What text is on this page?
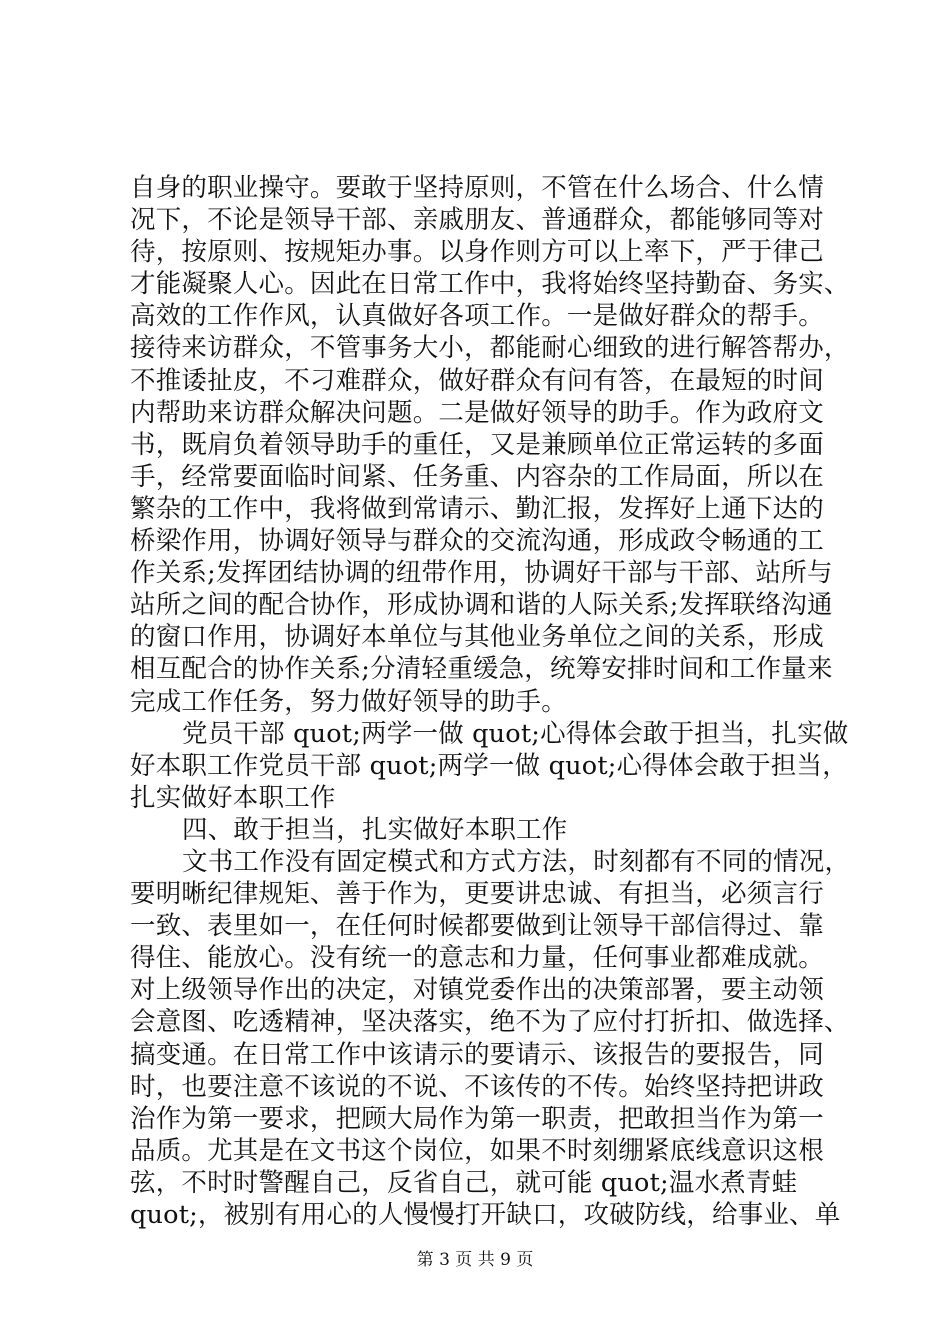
自身的职业操守。要敢于坚持原则，不管在什么场合、什么情
况下，不论是领导干部、亲戚朋友、普通群众，都能够同等对
待，按原则、按规矩办事。以身作则方可以上率下，严于律己
才能凝聚人心。因此在日常工作中，我将始终坚持勤奋、务实、
高效的工作作风，认真做好各项工作。一是做好群众的帮手。
接待来访群众，不管事务大小，都能耐心细致的进行解答帮办，
不推诿扯皮，不刁难群众，做好群众有问有答，在最短的时间
内帮助来访群众解决问题。二是做好领导的助手。作为政府文
书，既肩负着领导助手的重任，又是兼顾单位正常运转的多面
手，经常要面临时间紧、任务重、内容杂的工作局面，所以在
繁杂的工作中，我将做到常请示、勤汇报，发挥好上通下达的
桥梁作用，协调好领导与群众的交流沟通，形成政令畅通的工
作关系;发挥团结协调的纽带作用，协调好干部与干部、站所与
站所之间的配合协作，形成协调和谐的人际关系;发挥联络沟通
的窗口作用，协调好本单位与其他业务单位之间的关系，形成
相互配合的协作关系;分清轻重缓急，统筹安排时间和工作量来
完成工作任务，努力做好领导的助手。
党员干部 quot;两学一做 quot;心得体会敢于担当，扎实做
好本职工作党员干部 quot;两学一做 quot;心得体会敢于担当，
扎实做好本职工作
四、敢于担当，扎实做好本职工作
文书工作没有固定模式和方式方法，时刻都有不同的情况，
要明晰纪律规矩、善于作为，更要讲忠诚、有担当，必须言行
一致、表里如一，在任何时候都要做到让领导干部信得过、靠
得住、能放心。没有统一的意志和力量，任何事业都难成就。
对上级领导作出的决定，对镇党委作出的决策部署，要主动领
会意图、吃透精神，坚决落实，绝不为了应付打折扣、做选择、
搞变通。在日常工作中该请示的要请示、该报告的要报告，同
时，也要注意不该说的不说、不该传的不传。始终坚持把讲政
治作为第一要求，把顾大局作为第一职责，把敢担当作为第一
品质。尤其是在文书这个岗位，如果不时刻绷紧底线意识这根
弦，不时时警醒自己，反省自己，就可能 quot;温水煮青蛙
quot;，被别有用心的人慢慢打开缺口，攻破防线，给事业、单
第 3 页 共 9 页
